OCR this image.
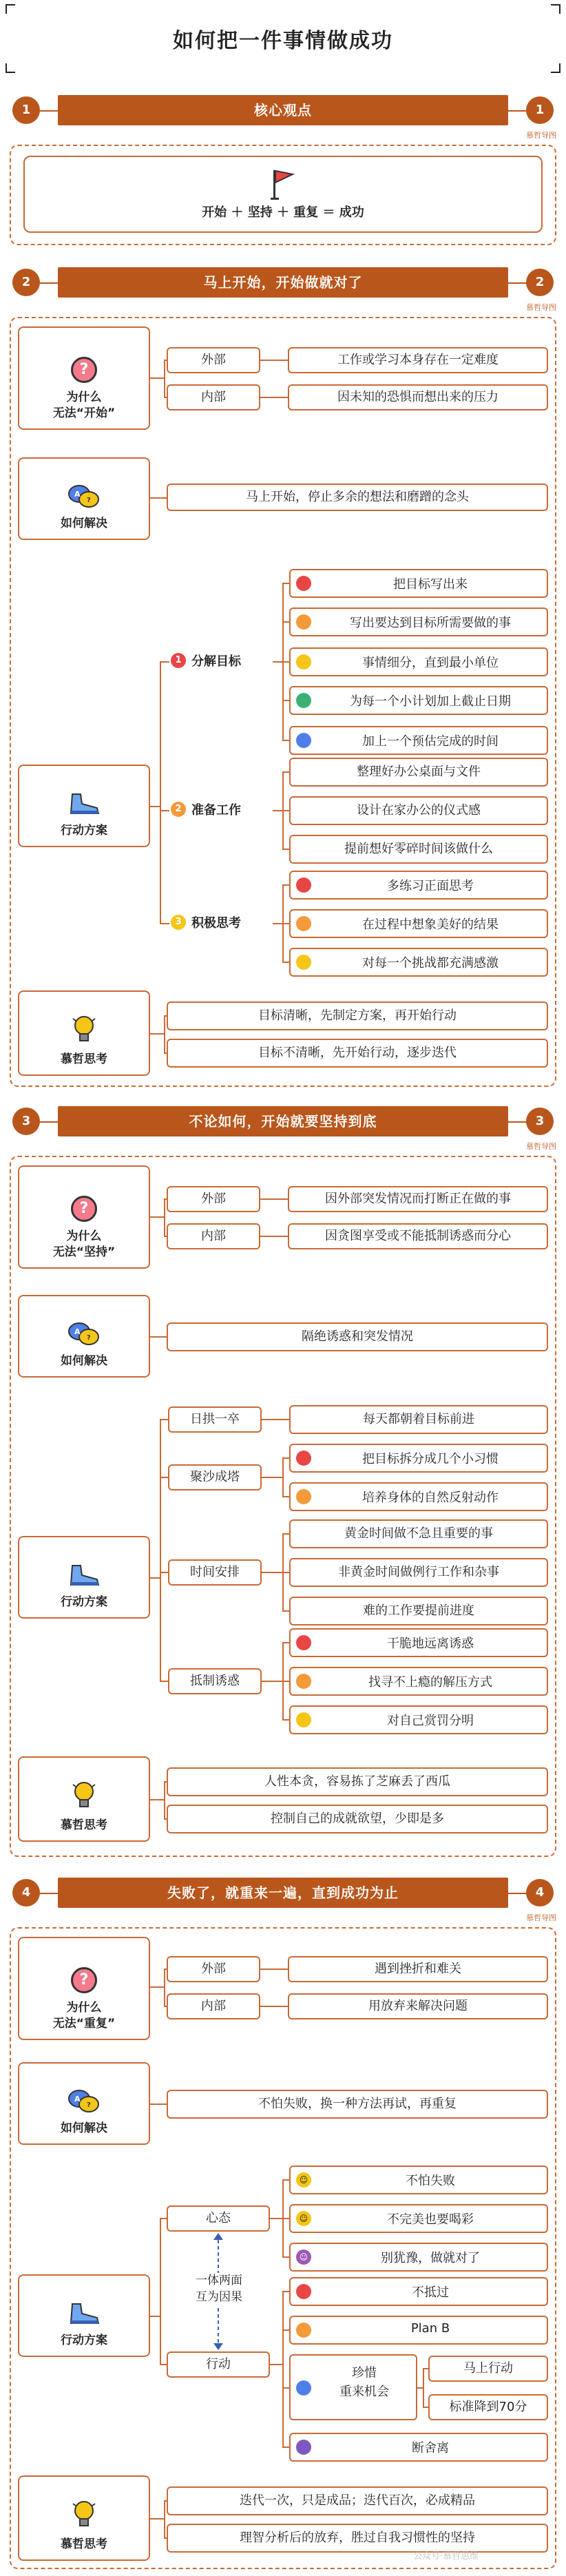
如何把一件事情做成功
1	1
核心观点
慕哲导图
开始 ＋ 坚持 ＋ 重复 ＝ 成功
2	2
马上开始，开始做就对了
慕哲导图
?
为什么
无法“开始”
外部
内部
工作或学习本身存在一定难度
因未知的恐惧而想出来的压力
A
?
如何解决
马上开始，停止多余的想法和磨蹭的念头
行动方案
1 分解目标
2 准备工作
3 积极思考
把目标写出来
写出要达到目标所需要做的事
事情细分，直到最小单位
为每一个小计划加上截止日期
加上一个预估完成的时间
整理好办公桌面与文件
设计在家办公的仪式感
提前想好零碎时间该做什么
多练习正面思考
在过程中想象美好的结果
对每一个挑战都充满感激
慕哲思考
目标清晰，先制定方案，再开始行动
目标不清晰，先开始行动，逐步迭代
3	3
不论如何，开始就要坚持到底
慕哲导图
?
为什么
无法“坚持”
外部
内部
因外部突发情况而打断正在做的事
因贪图享受或不能抵制诱惑而分心
A
?
如何解决
隔绝诱惑和突发情况
行动方案
日拱一卒
聚沙成塔
时间安排
抵制诱惑
每天都朝着目标前进
把目标拆分成几个小习惯
培养身体的自然反射动作
黄金时间做不急且重要的事
非黄金时间做例行工作和杂事
难的工作要提前进度
干脆地远离诱惑
找寻不上瘾的解压方式
对自己赏罚分明
慕哲思考
人性本贪，容易拣了芝麻丢了西瓜
控制自己的成就欲望，少即是多
4	4
失败了，就重来一遍，直到成功为止
慕哲导图
?
为什么
无法“重复”
外部
内部
遇到挫折和难关
用放弃来解决问题
A
?
如何解决
不怕失败，换一种方法再试，再重复
行动方案
心态
行动
一体两面
互为因果
☺
☺
☺
不怕失败
不完美也要喝彩
别犹豫，做就对了
不抵过
Plan B
断舍离
珍惜
重来机会
马上行动
标准降到70分
慕哲思考
迭代一次，只是成品；迭代百次，必成精品
理智分析后的放弃，胜过自我习惯性的坚持
公众号·慕哲思维
